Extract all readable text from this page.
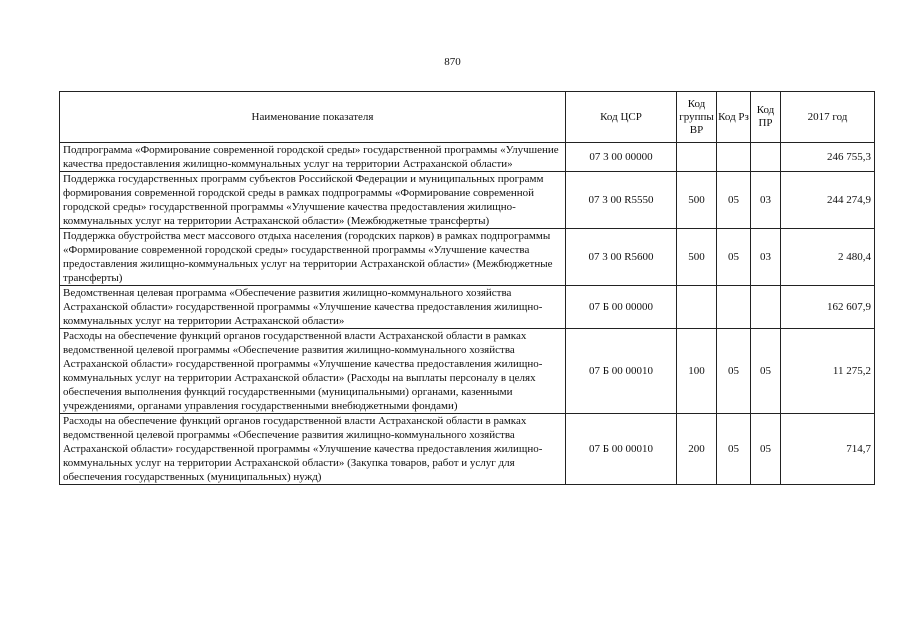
870
Наименование показателя	Код ЦСР	Код группы ВР	Код Рз	Код ПР	2017 год
Подпрограмма «Формирование современной городской среды» государственной программы «Улучшение качества предоставления жилищно-коммунальных услуг на территории Астраханской области»	07 3 00 00000				246 755,3
Поддержка государственных программ субъектов Российской Федерации и муниципальных программ формирования современной городской среды в рамках подпрограммы «Формирование современной городской среды» государственной программы «Улучшение качества предоставления жилищно-коммунальных услуг на территории Астраханской области» (Межбюджетные трансферты)	07 3 00 R5550	500	05	03	244 274,9
Поддержка обустройства мест массового отдыха населения (городских парков) в рамках подпрограммы «Формирование современной городской среды» государственной программы «Улучшение качества предоставления жилищно-коммунальных услуг на территории Астраханской области» (Межбюджетные трансферты)	07 3 00 R5600	500	05	03	2 480,4
Ведомственная целевая программа «Обеспечение развития жилищно-коммунального хозяйства Астраханской области» государственной программы «Улучшение качества предоставления жилищно-коммунальных услуг на территории Астраханской области»	07 Б 00 00000				162 607,9
Расходы на обеспечение функций органов государственной власти Астраханской области в рамках ведомственной целевой программы «Обеспечение развития жилищно-коммунального хозяйства Астраханской области» государственной программы «Улучшение качества предоставления жилищно-коммунальных услуг на территории Астраханской области» (Расходы на выплаты персоналу в целях обеспечения выполнения функций государственными (муниципальными) органами, казенными учреждениями, органами управления государственными внебюджетными фондами)	07 Б 00 00010	100	05	05	11 275,2
Расходы на обеспечение функций органов государственной власти Астраханской области в рамках ведомственной целевой программы «Обеспечение развития жилищно-коммунального хозяйства Астраханской области» государственной программы «Улучшение качества предоставления жилищно-коммунальных услуг на территории Астраханской области» (Закупка товаров, работ и услуг для обеспечения государственных (муниципальных) нужд)	07 Б 00 00010	200	05	05	714,7
